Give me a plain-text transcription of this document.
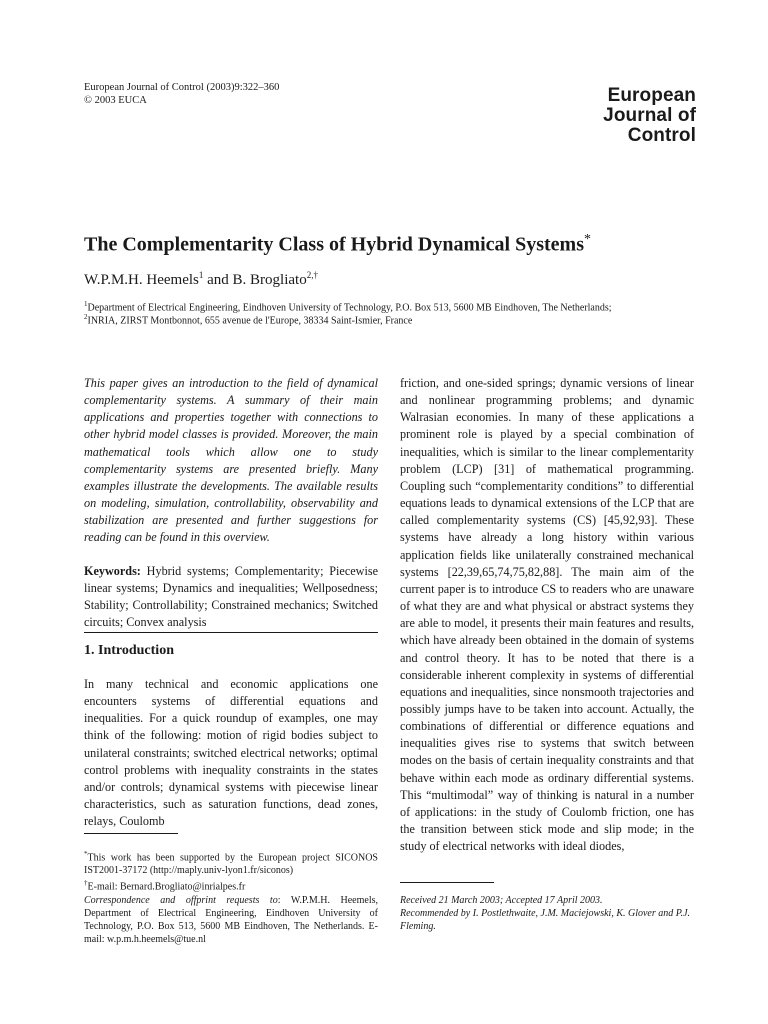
European Journal of Control (2003)9:322–360
© 2003 EUCA	European
Journal of
Control
The Complementarity Class of Hybrid Dynamical Systems*
W.P.M.H. Heemels$^1$ and B. Brogliato$^{2,\dagger}$
$^1$Department of Electrical Engineering, Eindhoven University of Technology, P.O. Box 513, 5600 MB Eindhoven, The Netherlands;
$^2$INRIA, ZIRST Montbonnot, 655 avenue de l'Europe, 38334 Saint-Ismier, France
This paper gives an introduction to the field of dynamical complementarity systems. A summary of their main applications and properties together with connections to other hybrid model classes is provided. Moreover, the main mathematical tools which allow one to study complementarity systems are presented briefly. Many examples illustrate the developments. The available results on modeling, simulation, controllability, observability and stabilization are presented and further suggestions for reading can be found in this overview.
Keywords: Hybrid systems; Complementarity; Piecewise linear systems; Dynamics and inequalities; Wellposedness; Stability; Controllability; Constrained mechanics; Switched circuits; Convex analysis
1. Introduction
In many technical and economic applications one encounters systems of differential equations and inequalities. For a quick roundup of examples, one may think of the following: motion of rigid bodies subject to unilateral constraints; switched electrical networks; optimal control problems with inequality constraints in the states and/or controls; dynamical systems with piecewise linear characteristics, such as saturation functions, dead zones, relays, Coulomb

*This work has been supported by the European project SICONOS IST2001-37172 (http://maply.univ-lyon1.fr/siconos)

†E-mail: Bernard.Brogliato@inrialpes.fr

Correspondence and offprint requests to: W.P.M.H. Heemels, Department of Electrical Engineering, Eindhoven University of Technology, P.O. Box 513, 5600 MB Eindhoven, The Netherlands. E-mail: w.p.m.h.heemels@tue.nl

friction, and one-sided springs; dynamic versions of linear and nonlinear programming problems; and dynamic Walrasian economies. In many of these applications a prominent role is played by a special combination of inequalities, which is similar to the linear complementarity problem (LCP) [31] of mathematical programming. Coupling such “complementarity conditions” to differential equations leads to dynamical extensions of the LCP that are called complementarity systems (CS) [45,92,93]. These systems have already a long history within various application fields like unilaterally constrained mechanical systems [22,39,65,74,75,82,88]. The main aim of the current paper is to introduce CS to readers who are unaware of what they are and what physical or abstract systems they are able to model, it presents their main features and results, which have already been obtained in the domain of systems and control theory. It has to be noted that there is a considerable inherent complexity in systems of differential equations and inequalities, since nonsmooth trajectories and possibly jumps have to be taken into account. Actually, the combinations of differential or difference equations and inequalities gives rise to systems that switch between modes on the basis of certain inequality constraints and that behave within each mode as ordinary differential systems. This “multimodal” way of thinking is natural in a number of applications: in the study of Coulomb friction, one has the transition between stick mode and slip mode; in the study of electrical networks with ideal diodes,

Received 21 March 2003; Accepted 17 April 2003.

Recommended by I. Postlethwaite, J.M. Maciejowski, K. Glover and P.J. Fleming.
